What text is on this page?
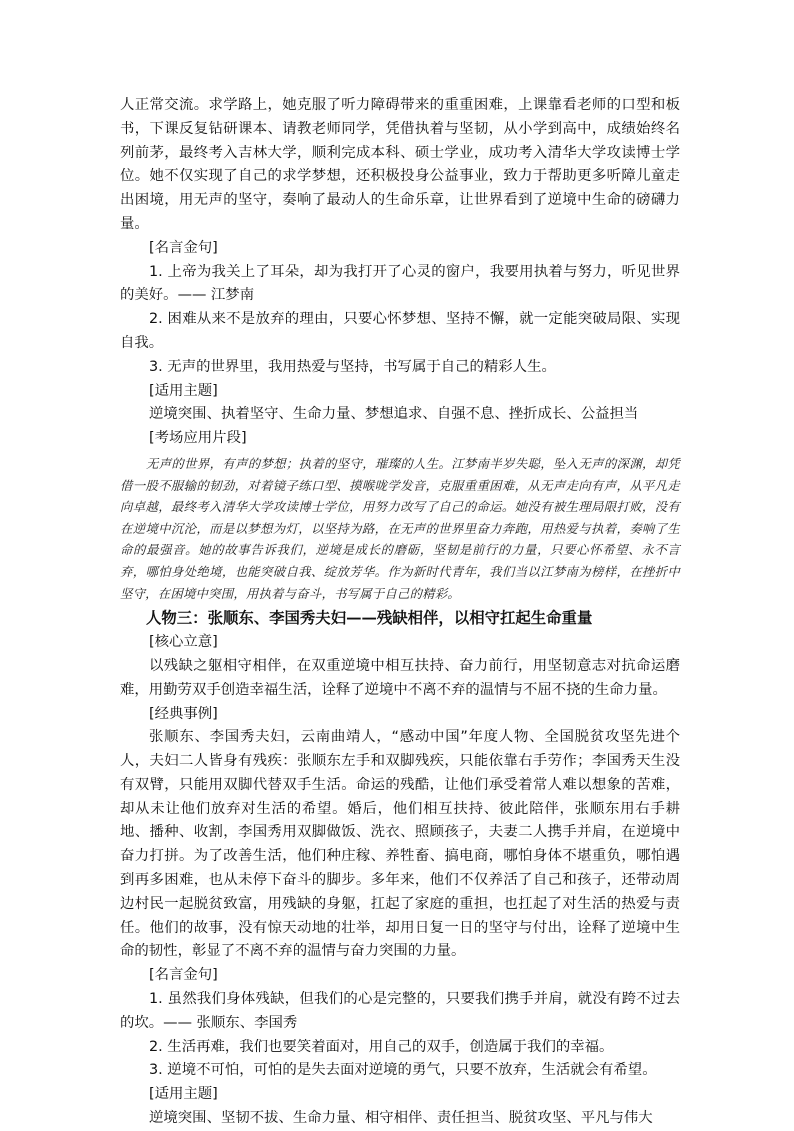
人正常交流。求学路上，她克服了听力障碍带来的重重困难，上课靠看老师的口型和板书，下课反复钻研课本、请教老师同学，凭借执着与坚韧，从小学到高中，成绩始终名列前茅，最终考入吉林大学，顺利完成本科、硕士学业，成功考入清华大学攻读博士学位。她不仅实现了自己的求学梦想，还积极投身公益事业，致力于帮助更多听障儿童走出困境，用无声的坚守，奏响了最动人的生命乐章，让世界看到了逆境中生命的磅礴力量。

[名言金句]

1. 上帝为我关上了耳朵，却为我打开了心灵的窗户，我要用执着与努力，听见世界的美好。—— 江梦南

2. 困难从来不是放弃的理由，只要心怀梦想、坚持不懈，就一定能突破局限、实现自我。

3. 无声的世界里，我用热爱与坚持，书写属于自己的精彩人生。

[适用主题]

逆境突围、执着坚守、生命力量、梦想追求、自强不息、挫折成长、公益担当

[考场应用片段]

无声的世界，有声的梦想；执着的坚守，璀璨的人生。江梦南半岁失聪，坠入无声的深渊，却凭借一股不服输的韧劲，对着镜子练口型、摸喉咙学发音，克服重重困难，从无声走向有声，从平凡走向卓越，最终考入清华大学攻读博士学位，用努力改写了自己的命运。她没有被生理局限打败，没有在逆境中沉沦，而是以梦想为灯，以坚持为路，在无声的世界里奋力奔跑，用热爱与执着，奏响了生命的最强音。她的故事告诉我们，逆境是成长的磨砺，坚韧是前行的力量，只要心怀希望、永不言弃，哪怕身处绝境，也能突破自我、绽放芳华。作为新时代青年，我们当以江梦南为榜样，在挫折中坚守，在困境中突围，用执着与奋斗，书写属于自己的精彩。

人物三：张顺东、李国秀夫妇——残缺相伴，以相守扛起生命重量

[核心立意]

以残缺之躯相守相伴，在双重逆境中相互扶持、奋力前行，用坚韧意志对抗命运磨难，用勤劳双手创造幸福生活，诠释了逆境中不离不弃的温情与不屈不挠的生命力量。

[经典事例]

张顺东、李国秀夫妇，云南曲靖人，“感动中国”年度人物、全国脱贫攻坚先进个人，夫妇二人皆身有残疾：张顺东左手和双脚残疾，只能依靠右手劳作；李国秀天生没有双臂，只能用双脚代替双手生活。命运的残酷，让他们承受着常人难以想象的苦难，却从未让他们放弃对生活的希望。婚后，他们相互扶持、彼此陪伴，张顺东用右手耕地、播种、收割，李国秀用双脚做饭、洗衣、照顾孩子，夫妻二人携手并肩，在逆境中奋力打拼。为了改善生活，他们种庄稼、养牲畜、搞电商，哪怕身体不堪重负，哪怕遇到再多困难，也从未停下奋斗的脚步。多年来，他们不仅养活了自己和孩子，还带动周边村民一起脱贫致富，用残缺的身躯，扛起了家庭的重担，也扛起了对生活的热爱与责任。他们的故事，没有惊天动地的壮举，却用日复一日的坚守与付出，诠释了逆境中生命的韧性，彰显了不离不弃的温情与奋力突围的力量。

[名言金句]

1. 虽然我们身体残缺，但我们的心是完整的，只要我们携手并肩，就没有跨不过去的坎。—— 张顺东、李国秀

2. 生活再难，我们也要笑着面对，用自己的双手，创造属于我们的幸福。

3. 逆境不可怕，可怕的是失去面对逆境的勇气，只要不放弃，生活就会有希望。

[适用主题]

逆境突围、坚韧不拔、生命力量、相守相伴、责任担当、脱贫攻坚、平凡与伟大
